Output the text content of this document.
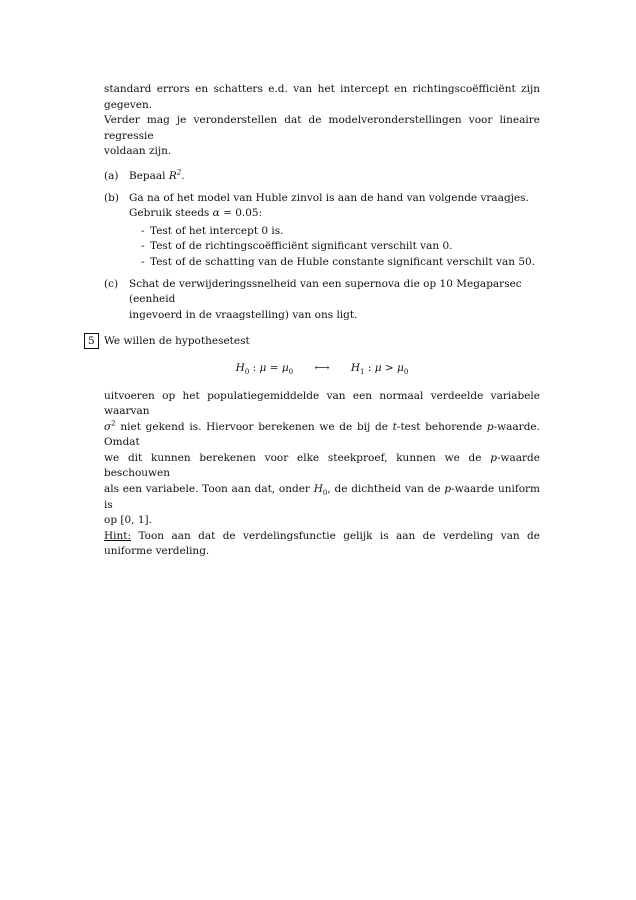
standard errors en schatters e.d. van het intercept en richtingscoëfficiënt zijn gegeven.
Verder mag je veronderstellen dat de modelveronderstellingen voor lineaire regressie
voldaan zijn.

(a) Bepaal $R^2$.
(b) Ga na of het model van Huble zinvol is aan de hand van volgende vraagjes.
Gebruik steeds α = 0.05:
- Test of het intercept 0 is.
- Test of de richtingscoëfficiënt significant verschilt van 0.
- Test of de schatting van de Huble constante significant verschilt van 50.
(c) Schat de verwijderingssnelheid van een supernova die op 10 Megaparsec (eenheid
ingevoerd in de vraagstelling) van ons ligt.
5 We willen de hypothesetest
$H_0$ : $\mu = \mu_0$ ⟷ $H_1$ : $\mu > \mu_0$

uitvoeren op het populatiegemiddelde van een normaal verdeelde variabele waarvan
$\sigma^2$ niet gekend is. Hiervoor berekenen we de bij de t-test behorende p-waarde. Omdat
we dit kunnen berekenen voor elke steekproef, kunnen we de p-waarde beschouwen
als een variabele. Toon aan dat, onder $H_0$, de dichtheid van de p-waarde uniform is
op [0, 1].
Hint: Toon aan dat de verdelingsfunctie gelijk is aan de verdeling van de uniforme verdeling.
